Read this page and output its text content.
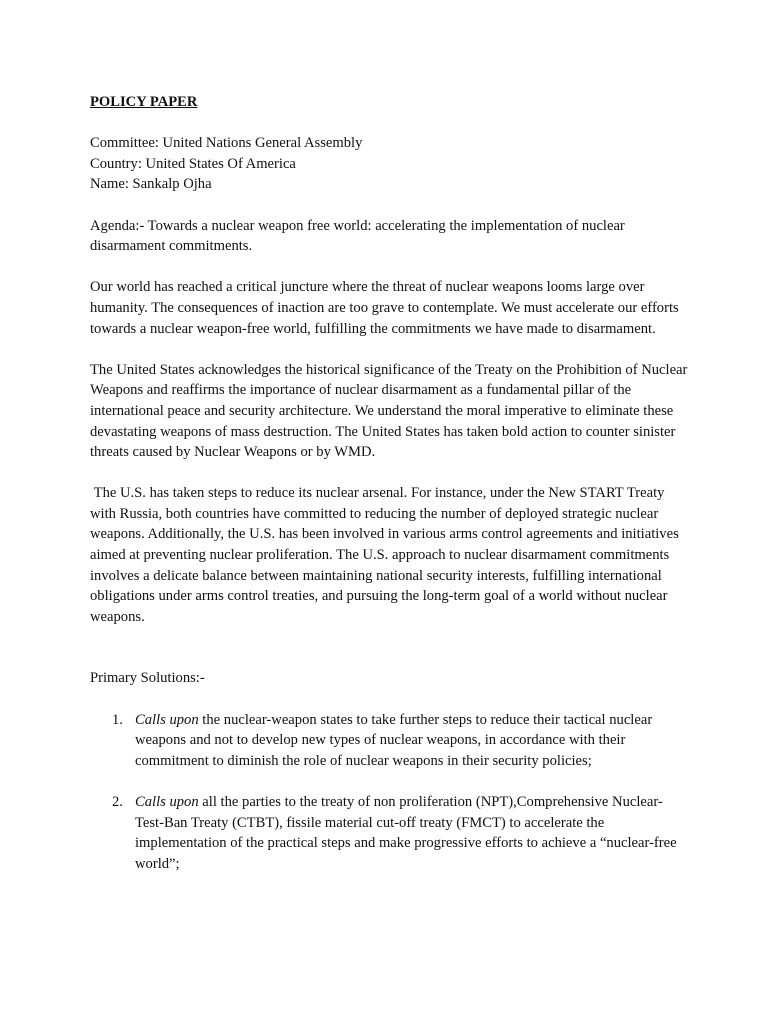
POLICY PAPER

Committee: United Nations General Assembly

Country: United States Of America

Name: Sankalp Ojha

Agenda:- Towards a nuclear weapon free world: accelerating the implementation of nuclear disarmament commitments.

Our world has reached a critical juncture where the threat of nuclear weapons looms large over humanity. The consequences of inaction are too grave to contemplate. We must accelerate our efforts towards a nuclear weapon-free world, fulfilling the commitments we have made to disarmament.

The United States acknowledges the historical significance of the Treaty on the Prohibition of Nuclear Weapons and reaffirms the importance of nuclear disarmament as a fundamental pillar of the international peace and security architecture. We understand the moral imperative to eliminate these devastating weapons of mass destruction. The United States has taken bold action to counter sinister threats caused by Nuclear Weapons or by WMD.

The U.S. has taken steps to reduce its nuclear arsenal. For instance, under the New START Treaty with Russia, both countries have committed to reducing the number of deployed strategic nuclear weapons. Additionally, the U.S. has been involved in various arms control agreements and initiatives aimed at preventing nuclear proliferation. The U.S. approach to nuclear disarmament commitments involves a delicate balance between maintaining national security interests, fulfilling international obligations under arms control treaties, and pursuing the long-term goal of a world without nuclear weapons.

Primary Solutions:-

1. Calls upon the nuclear-weapon states to take further steps to reduce their tactical nuclear weapons and not to develop new types of nuclear weapons, in accordance with their commitment to diminish the role of nuclear weapons in their security policies;
2. Calls upon all the parties to the treaty of non proliferation (NPT),Comprehensive Nuclear-Test-Ban Treaty (CTBT), fissile material cut-off treaty (FMCT) to accelerate the implementation of the practical steps and make progressive efforts to achieve a “nuclear-free world”;
